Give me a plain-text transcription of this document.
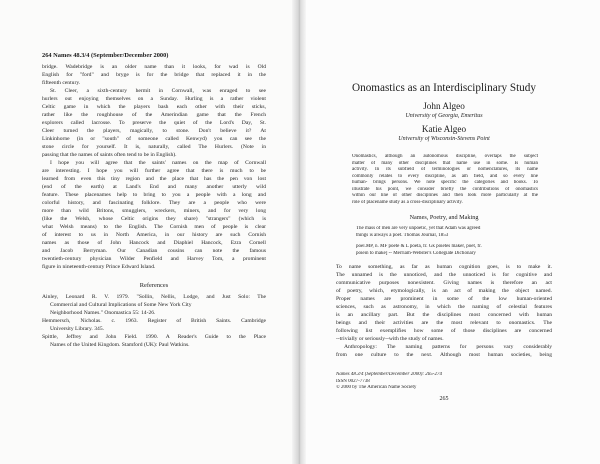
264 Names 48.3/4 (September/December 2000)
bridge. Wadebridge is an older name than it looks, for wad is Old
English for "ford" and bryge is for the bridge that replaced it in the
fifteenth century.
St. Cleer, a sixth-century hermit in Cornwall, was enraged to see
hurlers out enjoying themselves on a Sunday. Hurling is a rather violent
Celtic game in which the players bash each other with their sticks,
rather like the roughhouse of the Amerindian game that the French
explorers called lacrosse. To preserve the quiet of the Lord's Day, St.
Cleer turned the players, magically, to stone. Don't believe it? At
Linkinhorne (in or "south" of someone called Kenwyd) you can see the
stone circle for yourself. It is, naturally, called The Hurlers. (Note in
passing that the names of saints often tend to be in English).
I hope you will agree that the saints' names on the map of Cornwall
are interesting. I hope you will further agree that there is much to be
learned from even this tiny region and the place that has the pen von lost
(end of the earth) at Land's End and many another utterly wild
feature. These placenames help to bring to you a people with a long and
colorful history, and fascinating folklore. They are a people who were
more than wild Britons, smugglers, wreckers, miners, and for very long
(like the Welsh, whose Celtic origins they share) "strangers" (which is
what Welsh means) to the English. The Cornish men of people is clear
of interest to us in North America, in our history are such Cornish
names as those of John Hancock and Diaphiel Hancock, Ezra Cornell
and Jacob Berryman. Our Canadian cousins can note the famous
twentieth-century physician Wilder Penfield and Harvey Tom, a prominent
figure in nineteenth-century Prince Edward Island.
References
Ainley, Leonard R. V. 1979. "Sollin, Nellis, Lodge, and Just Solo: The
Commercial and Cultural Implications of Some New York City
Neighborhood Names." Onomastica 55: 14-26.
Hemmersch, Nicholas. c. 1963. Register of British Saints. Cambridge
University Library. 345.
Spittle, Jeffrey and John Field. 1990. A Reader's Guide to the Place
Names of the United Kingdom. Stamford (UK): Paul Watkins.
Onomastics as an Interdisciplinary Study
John Algeo
University of Georgia, Emeritus
Katie Algeo
University of Wisconsin-Stevens Point
Onomastics, although an autonomous discipline, overlaps the subject
matter of many other disciplines that name use in some. Is human
activity. In its subfield of terminologies or nomenclatures, its name
commonly relates to every discipline, as am field, and so every line
human- brings persons. We note specific the categories and books. To
illustrate his point, we consider briefly the contributions of onomastics
within our line of other disciplines and then look more particularly at the
role of placename study as a cross-disciplinary activity.
Names, Poetry, and Making
The mass of men are very unpoetic, yet that Adam was agreed
things is always a poet. Thomas Journal, 1853
poel.MP, n. MF poete & L poeta, fr. Gk poiētēs maker, poet, fr.
poiein to make] -- Merriam-Webster's Collegiate Dictionary
To name something, as far as human cognition goes, is to make it.
The unnamed is the unnoticed, and the unnoticed is for cognitive and
communicative purposes nonexistent. Giving names is therefore an act
of poetry, which, etymologically, is an act of making the object named.
Proper names are prominent in some of the low human-oriented
sciences, such as astronomy, in which the naming of celestial features
is an ancillary part. But the disciplines most concerned with human
beings and their activities are the most relevant to onomastics. The
following list exemplifies how some of those disciplines are concerned
--trivially or seriously--with the study of names.
Anthropology: The naming patterns for persons vary considerably
from one culture to the next. Although most human societies, being
Names 48.3/4 (September/December 2000): 265-274
ISSN 0027-7738
© 2000 by The American Name Society
265
